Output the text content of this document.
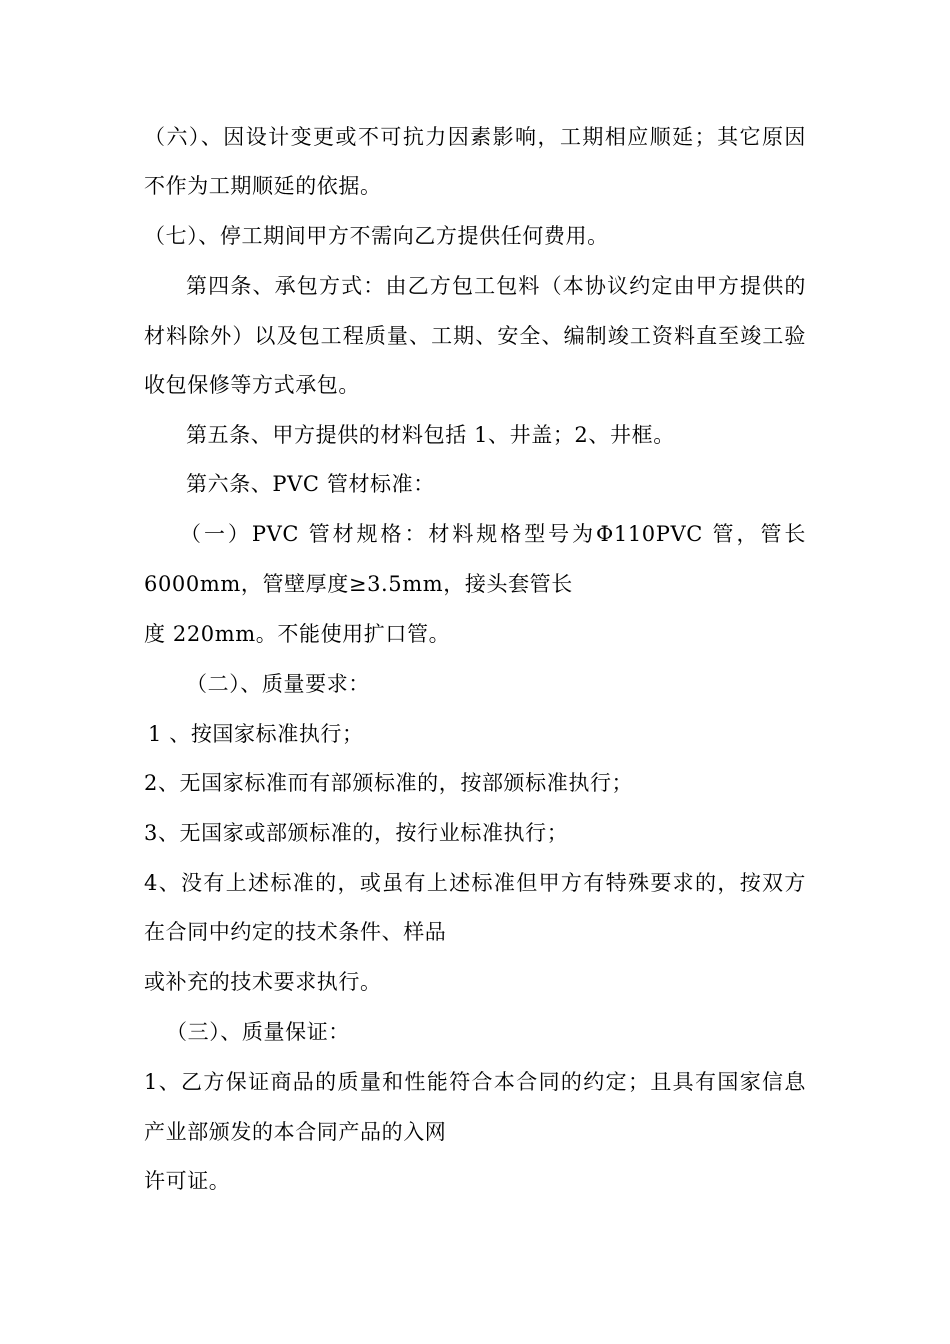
（六）、因设计变更或不可抗力因素影响，工期相应顺延；其它原因

不作为工期顺延的依据。

（七）、停工期间甲方不需向乙方提供任何费用。

第四条、承包方式：由乙方包工包料（本协议约定由甲方提供的

材料除外）以及包工程质量、工期、安全、编制竣工资料直至竣工验

收包保修等方式承包。

第五条、甲方提供的材料包括 1、井盖；2、井框。

第六条、PVC 管材标准：

（一）PVC 管材规格：材料规格型号为Φ110PVC 管，管长

6000mm，管壁厚度≥3.5mm，接头套管长

度 220mm。不能使用扩口管。

（二）、质量要求：

1 、按国家标准执行；

2、无国家标准而有部颁标准的，按部颁标准执行；

3、无国家或部颁标准的，按行业标准执行；

4、没有上述标准的，或虽有上述标准但甲方有特殊要求的，按双方

在合同中约定的技术条件、样品

或补充的技术要求执行。

（三）、质量保证：

1、乙方保证商品的质量和性能符合本合同的约定；且具有国家信息

产业部颁发的本合同产品的入网

许可证。
